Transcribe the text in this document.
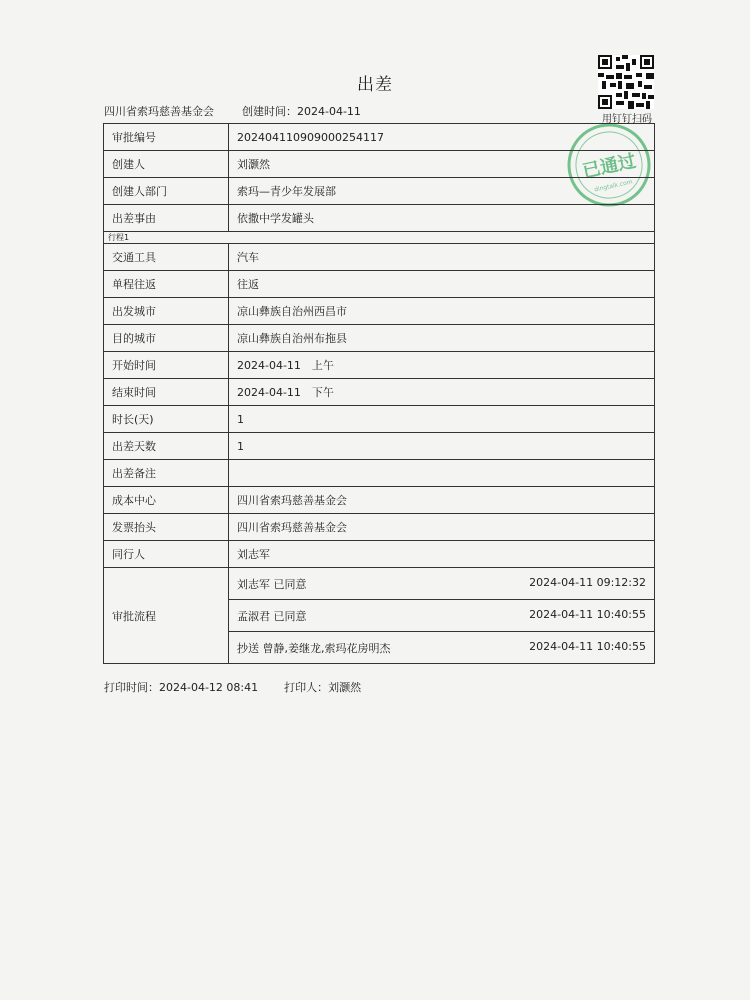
出差
四川省索玛慈善基金会	创建时间：2024-04-11
用钉钉扫码
已通过
dingtalk.com
审批编号	202404110909000254117
创建人	刘灏然
创建人部门	索玛—青少年发展部
出差事由	依撒中学发罐头
行程1	
交通工具	汽车
单程往返	往返
出发城市	凉山彝族自治州西昌市
目的城市	凉山彝族自治州布拖县
开始时间	2024-04-11　上午
结束时间	2024-04-11　下午
时长(天)	1
出差天数	1
出差备注	
成本中心	四川省索玛慈善基金会
发票抬头	四川省索玛慈善基金会
同行人	刘志军
审批流程	刘志军 已同意 2024-04-11 09:12:32

	孟淑君 已同意 2024-04-11 10:40:55

	抄送 曾静,姜继龙,索玛花房明杰 2024-04-11 10:40:55
打印时间：2024-04-12 08:41 打印人：刘灏然
